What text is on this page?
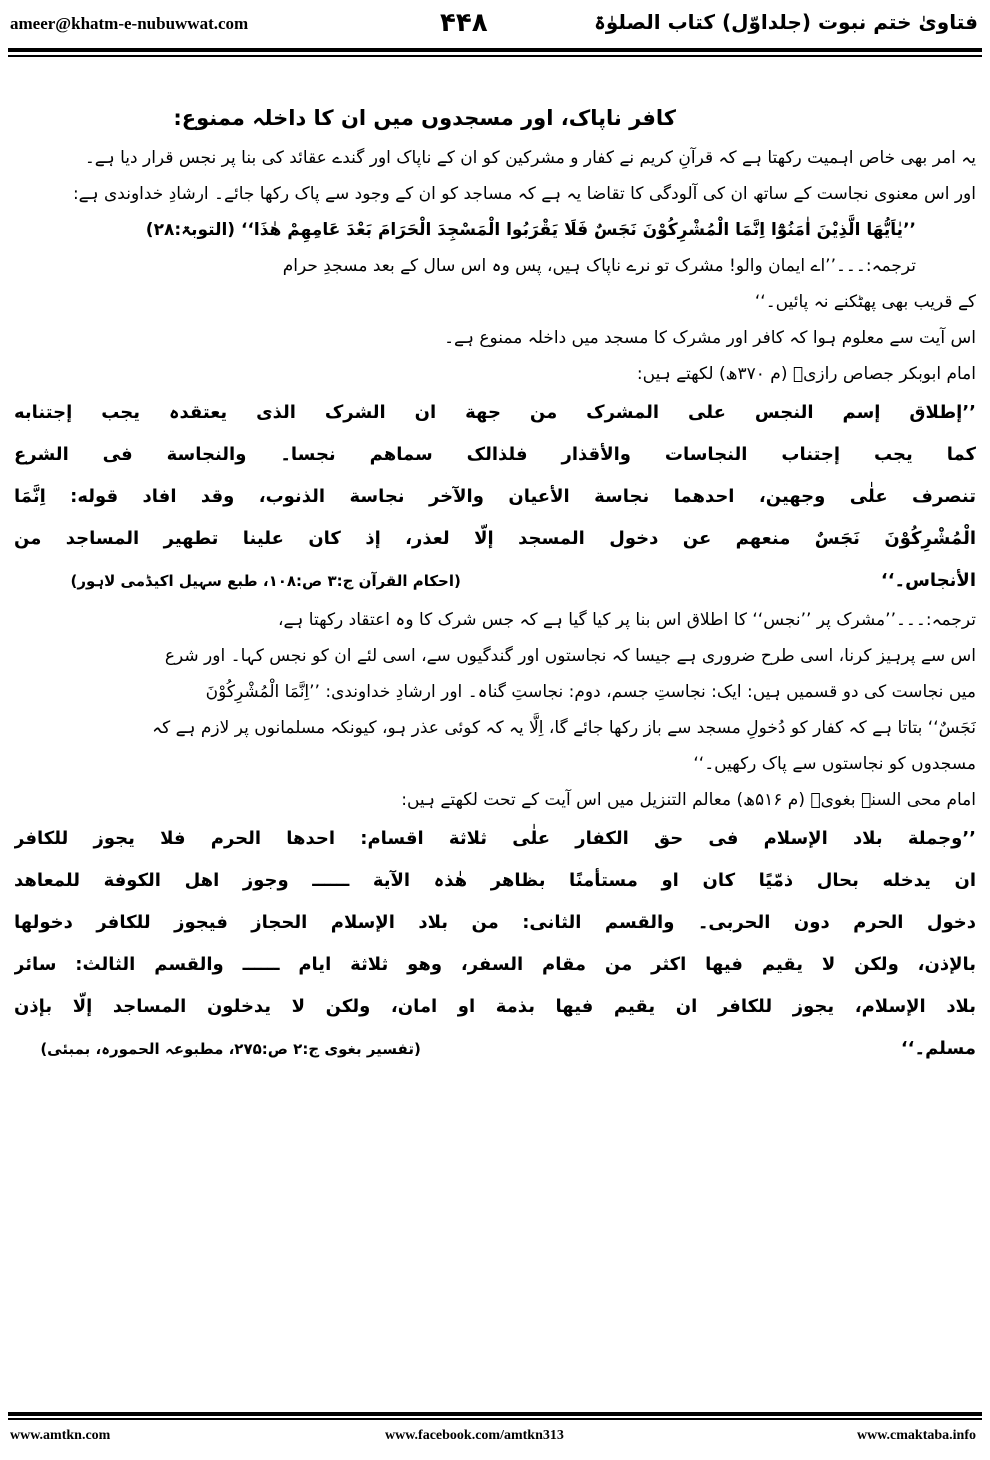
ameer@khatm-e-nubuwwat.com	۴۴۸	فتاویٰ ختم نبوت (جلداوّل) کتاب الصلوٰۃ
کافر ناپاک، اور مسجدوں میں ان کا داخلہ ممنوع:
یہ امر بھی خاص اہمیت رکھتا ہے کہ قرآنِ کریم نے کفار و مشرکین کو ان کے ناپاک اور گندے عقائد کی بنا پر نجس قرار دیا ہے۔
اور اس معنوی نجاست کے ساتھ ان کی آلودگی کا تقاضا یہ ہے کہ مساجد کو ان کے وجود سے پاک رکھا جائے۔ ارشادِ خداوندی ہے:
’’یٰاَیُّھَا الَّذِیْنَ اٰمَنُوْٓا اِنَّمَا الْمُشْرِکُوْنَ نَجَسٌ فَلَا یَقْرَبُوا الْمَسْجِدَ الْحَرَامَ بَعْدَ عَامِھِمْ ھٰذَا‘‘ (التوبۃ:۲۸)
ترجمہ:۔۔۔’’اے ایمان والو! مشرک تو نرے ناپاک ہیں، پس وہ اس سال کے بعد مسجدِ حرام
کے قریب بھی پھٹکنے نہ پائیں۔‘‘
اس آیت سے معلوم ہوا کہ کافر اور مشرک کا مسجد میں داخلہ ممنوع ہے۔
امام ابوبکر جصاص رازیؒ (م ۳۷۰ھ) لکھتے ہیں:
’’إطلاق إسم النجس علی المشرک من جھة ان الشرک الذی یعتقدہ یجب إجتنابه
کما یجب إجتناب النجاسات والأقذار فلذالک سماھم نجسا۔ والنجاسة فی الشرع
تنصرف علٰی وجھین، احدھما نجاسة الأعیان والآخر نجاسة الذنوب، وقد افاد قوله: اِنَّمَا
الْمُشْرِکُوْنَ نَجَسٌ منعھم عن دخول المسجد إلّا لعذر، إذ کان علینا تطھیر المساجد من
الأنجاس۔‘‘(احکام القرآن ج:۳ ص:۱۰۸، طبع سہیل اکیڈمی لاہور)
ترجمہ:۔۔۔’’مشرک پر ’’نجس‘‘ کا اطلاق اس بنا پر کیا گیا ہے کہ جس شرک کا وہ اعتقاد رکھتا ہے،
اس سے پرہیز کرنا، اسی طرح ضروری ہے جیسا کہ نجاستوں اور گندگیوں سے، اسی لئے ان کو نجس کہا۔ اور شرع
میں نجاست کی دو قسمیں ہیں: ایک: نجاستِ جسم، دوم: نجاستِ گناہ۔ اور ارشادِ خداوندی: ’’اِنَّمَا الْمُشْرِکُوْنَ
نَجَسٌ‘‘ بتاتا ہے کہ کفار کو دُخولِ مسجد سے باز رکھا جائے گا، اِلَّا یہ کہ کوئی عذر ہو، کیونکہ مسلمانوں پر لازم ہے کہ
مسجدوں کو نجاستوں سے پاک رکھیں۔‘‘
امام محی السنۃ بغویؒ (م ۵۱۶ھ) معالم التنزیل میں اس آیت کے تحت لکھتے ہیں:
’’وجملة بلاد الإسلام فی حق الکفار علٰی ثلاثة اقسام: احدھا الحرم فلا یجوز للکافر
ان یدخله بحال ذمّیًا کان او مستأمنًا بظاھر ھٰذہ الآیة ــــــ وجوز اھل الکوفة للمعاھد
دخول الحرم دون الحربی۔ والقسم الثانی: من بلاد الإسلام الحجاز فیجوز للکافر دخولھا
بالإذن، ولکن لا یقیم فیھا اکثر من مقام السفر، وھو ثلاثة ایام ــــــ والقسم الثالث: سائر
بلاد الإسلام، یجوز للکافر ان یقیم فیھا بذمة او امان، ولکن لا یدخلون المساجد إلّا بإذن
مسلم۔‘‘(تفسیر بغوی ج:۲ ص:۲۷۵، مطبوعہ الحمورہ، بمبئی)
www.amtkn.com	www.facebook.com/amtkn313	www.cmaktaba.info
